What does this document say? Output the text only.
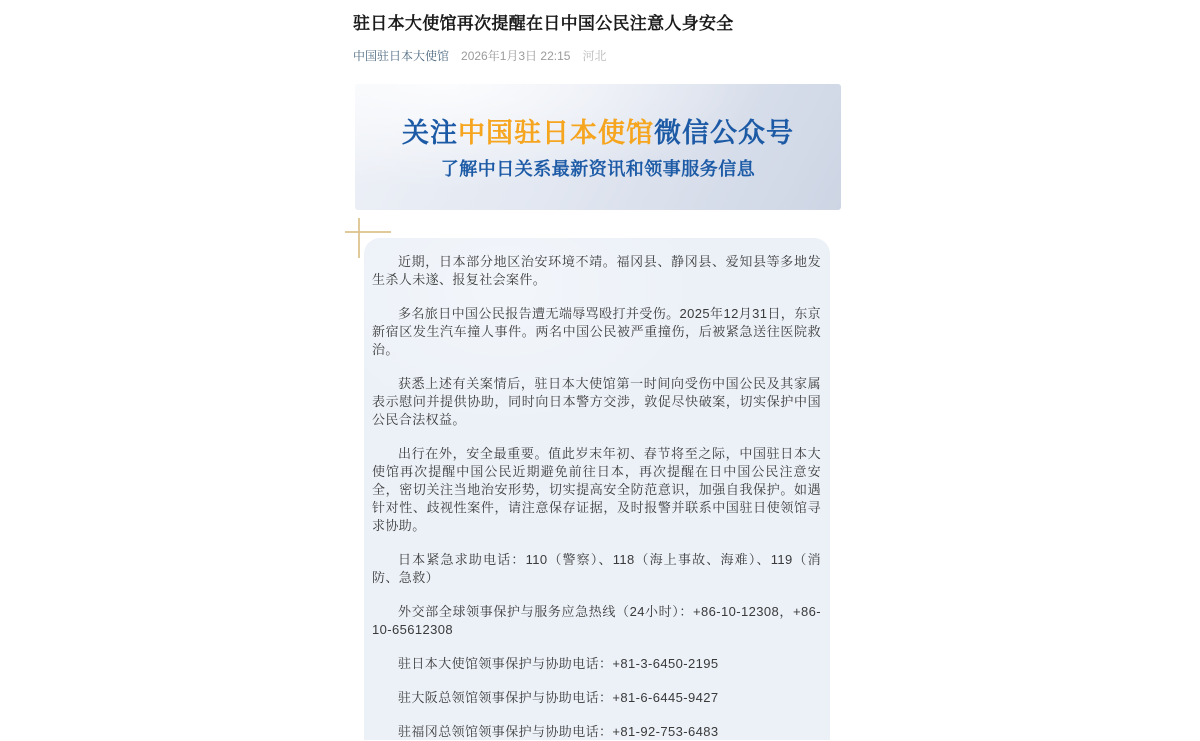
驻日本大使馆再次提醒在日中国公民注意人身安全
中国驻日本大使馆 2026年1月3日 22:15 河北
关注中国驻日本使馆微信公众号
了解中日关系最新资讯和领事服务信息

近期，日本部分地区治安环境不靖。福冈县、静冈县、爱知县等多地发生杀人未遂、报复社会案件。

多名旅日中国公民报告遭无端辱骂殴打并受伤。2025年12月31日，东京新宿区发生汽车撞人事件。两名中国公民被严重撞伤，后被紧急送往医院救治。

获悉上述有关案情后，驻日本大使馆第一时间向受伤中国公民及其家属表示慰问并提供协助，同时向日本警方交涉，敦促尽快破案，切实保护中国公民合法权益。

出行在外，安全最重要。值此岁末年初、春节将至之际，中国驻日本大使馆再次提醒中国公民近期避免前往日本，再次提醒在日中国公民注意安全，密切关注当地治安形势，切实提高安全防范意识，加强自我保护。如遇针对性、歧视性案件，请注意保存证据，及时报警并联系中国驻日使领馆寻求协助。

日本紧急求助电话：110（警察）、118（海上事故、海难）、119（消防、急救）

外交部全球领事保护与服务应急热线（24小时）：+86-10-12308，+86-10-65612308

驻日本大使馆领事保护与协助电话：+81-3-6450-2195

驻大阪总领馆领事保护与协助电话：+81-6-6445-9427

驻福冈总领馆领事保护与协助电话：+81-92-753-6483
